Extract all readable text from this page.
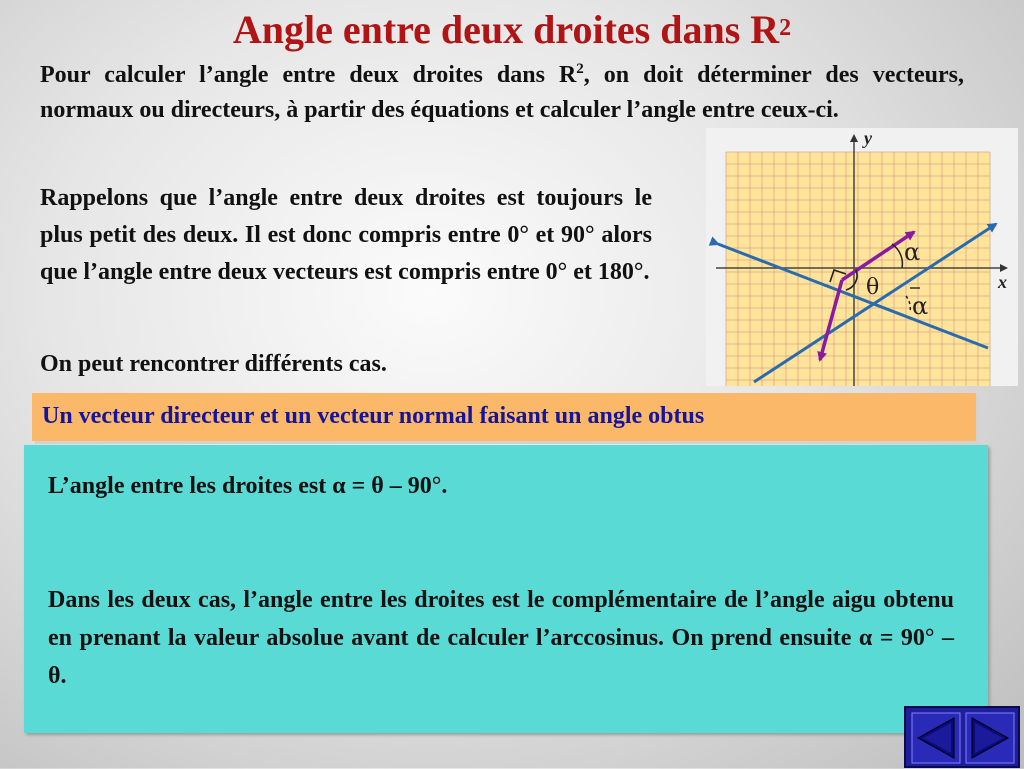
Angle entre deux droites dans $R^2$
Pour calculer l’angle entre deux droites dans $R^2$, on doit déterminer des vecteurs, normaux ou directeurs, à partir des équations et calculer l’angle entre ceux-ci.
Rappelons que l’angle entre deux droites est toujours le plus petit des deux. Il est donc compris entre 0° et 90° alors que l’angle entre deux vecteurs est compris entre 0° et 180°.
On peut rencontrer différents cas.
y
x
α
θ
α
Un vecteur directeur et un vecteur normal faisant un angle obtus
L’angle entre les droites est α = θ – 90°.
Dans les deux cas, l’angle entre les droites est le complémentaire de l’angle aigu obtenu en prenant la valeur absolue avant de calculer l’arccosinus. On prend ensuite α = 90° – θ.
